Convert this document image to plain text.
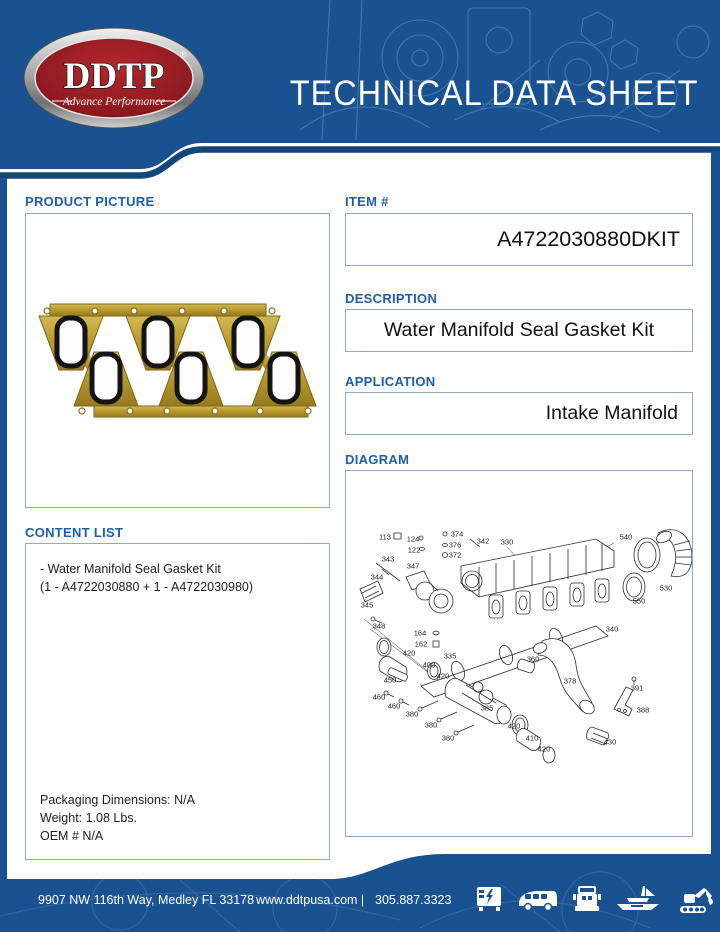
DDTP
®
Advance Performance	TECHNICAL DATA SHEET
PRODUCT PICTURE
CONTENT LIST
- Water Manifold Seal Gasket Kit
(1 - A4722030880 + 1 - A4722030980)
Packaging Dimensions: N/A
Weight: 1.08 Lbs.
OEM # N/A
ITEM #
A4722030880DKIT
DESCRIPTION
Water Manifold Seal Gasket Kit
APPLICATION
Intake Manifold
DIAGRAM
113 124
122
374
376
372
342 330
343
347
344
345
348
164
162
420	335
400
420
450
460
460
380
380
380
385
420
410
420
360
378
391
388
430
540
530
550
340
9907 NW 116th Way, Medley FL 33178 www.ddtpusa.com | 305.887.3323
